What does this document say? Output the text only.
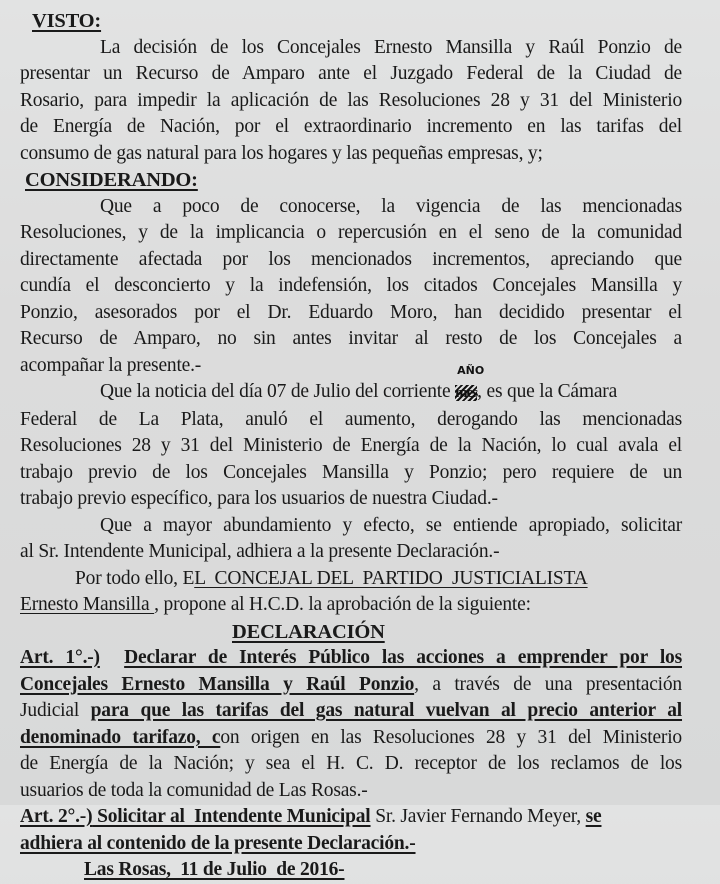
VISTO:
La decisión de los Concejales Ernesto Mansilla y Raúl Ponzio de
presentar un Recurso de Amparo ante el Juzgado Federal de la Ciudad de
Rosario, para impedir la aplicación de las Resoluciones 28 y 31 del Ministerio
de Energía de Nación, por el extraordinario incremento en las tarifas del
consumo de gas natural para los hogares y las pequeñas empresas, y;
CONSIDERANDO:
Que a poco de conocerse, la vigencia de las mencionadas
Resoluciones, y de la implicancia o repercusión en el seno de la comunidad
directamente afectada por los mencionados incrementos, apreciando que
cundía el desconcierto y la indefensión, los citados Concejales Mansilla y
Ponzio, asesorados por el Dr. Eduardo Moro, han decidido presentar el
Recurso de Amparo, no sin antes invitar al resto de los Concejales a
acompañar la presente.-
Que la noticia del día 07 de Julio del corriente mes
AÑO
, es que la Cámara
Federal de La Plata, anuló el aumento, derogando las mencionadas
Resoluciones 28 y 31 del Ministerio de Energía de la Nación, lo cual avala el
trabajo previo de los Concejales Mansilla y Ponzio; pero requiere de un
trabajo previo específico, para los usuarios de nuestra Ciudad.-
Que a mayor abundamiento y efecto, se entiende apropiado, solicitar
al Sr. Intendente Municipal, adhiera a la presente Declaración.-
Por todo ello, EL  CONCEJAL DEL  PARTIDO  JUSTICIALISTA
Ernesto Mansilla , propone al H.C.D. la aprobación de la siguiente:
DECLARACIÓN
Art. 1°.-) Declarar de Interés Público las acciones a emprender por los
Concejales Ernesto Mansilla y Raúl Ponzio, a través de una presentación
Judicial para que las tarifas del gas natural vuelvan al precio anterior al
denominado tarifazo, con origen en las Resoluciones 28 y 31 del Ministerio
de Energía de la Nación; y sea el H. C. D. receptor de los reclamos de los
usuarios de toda la comunidad de Las Rosas.-
Art. 2°.-) Solicitar al  Intendente Municipal Sr. Javier Fernando Meyer, se
adhiera al contenido de la presente Declaración.-
Las Rosas,  11 de Julio  de 2016-
